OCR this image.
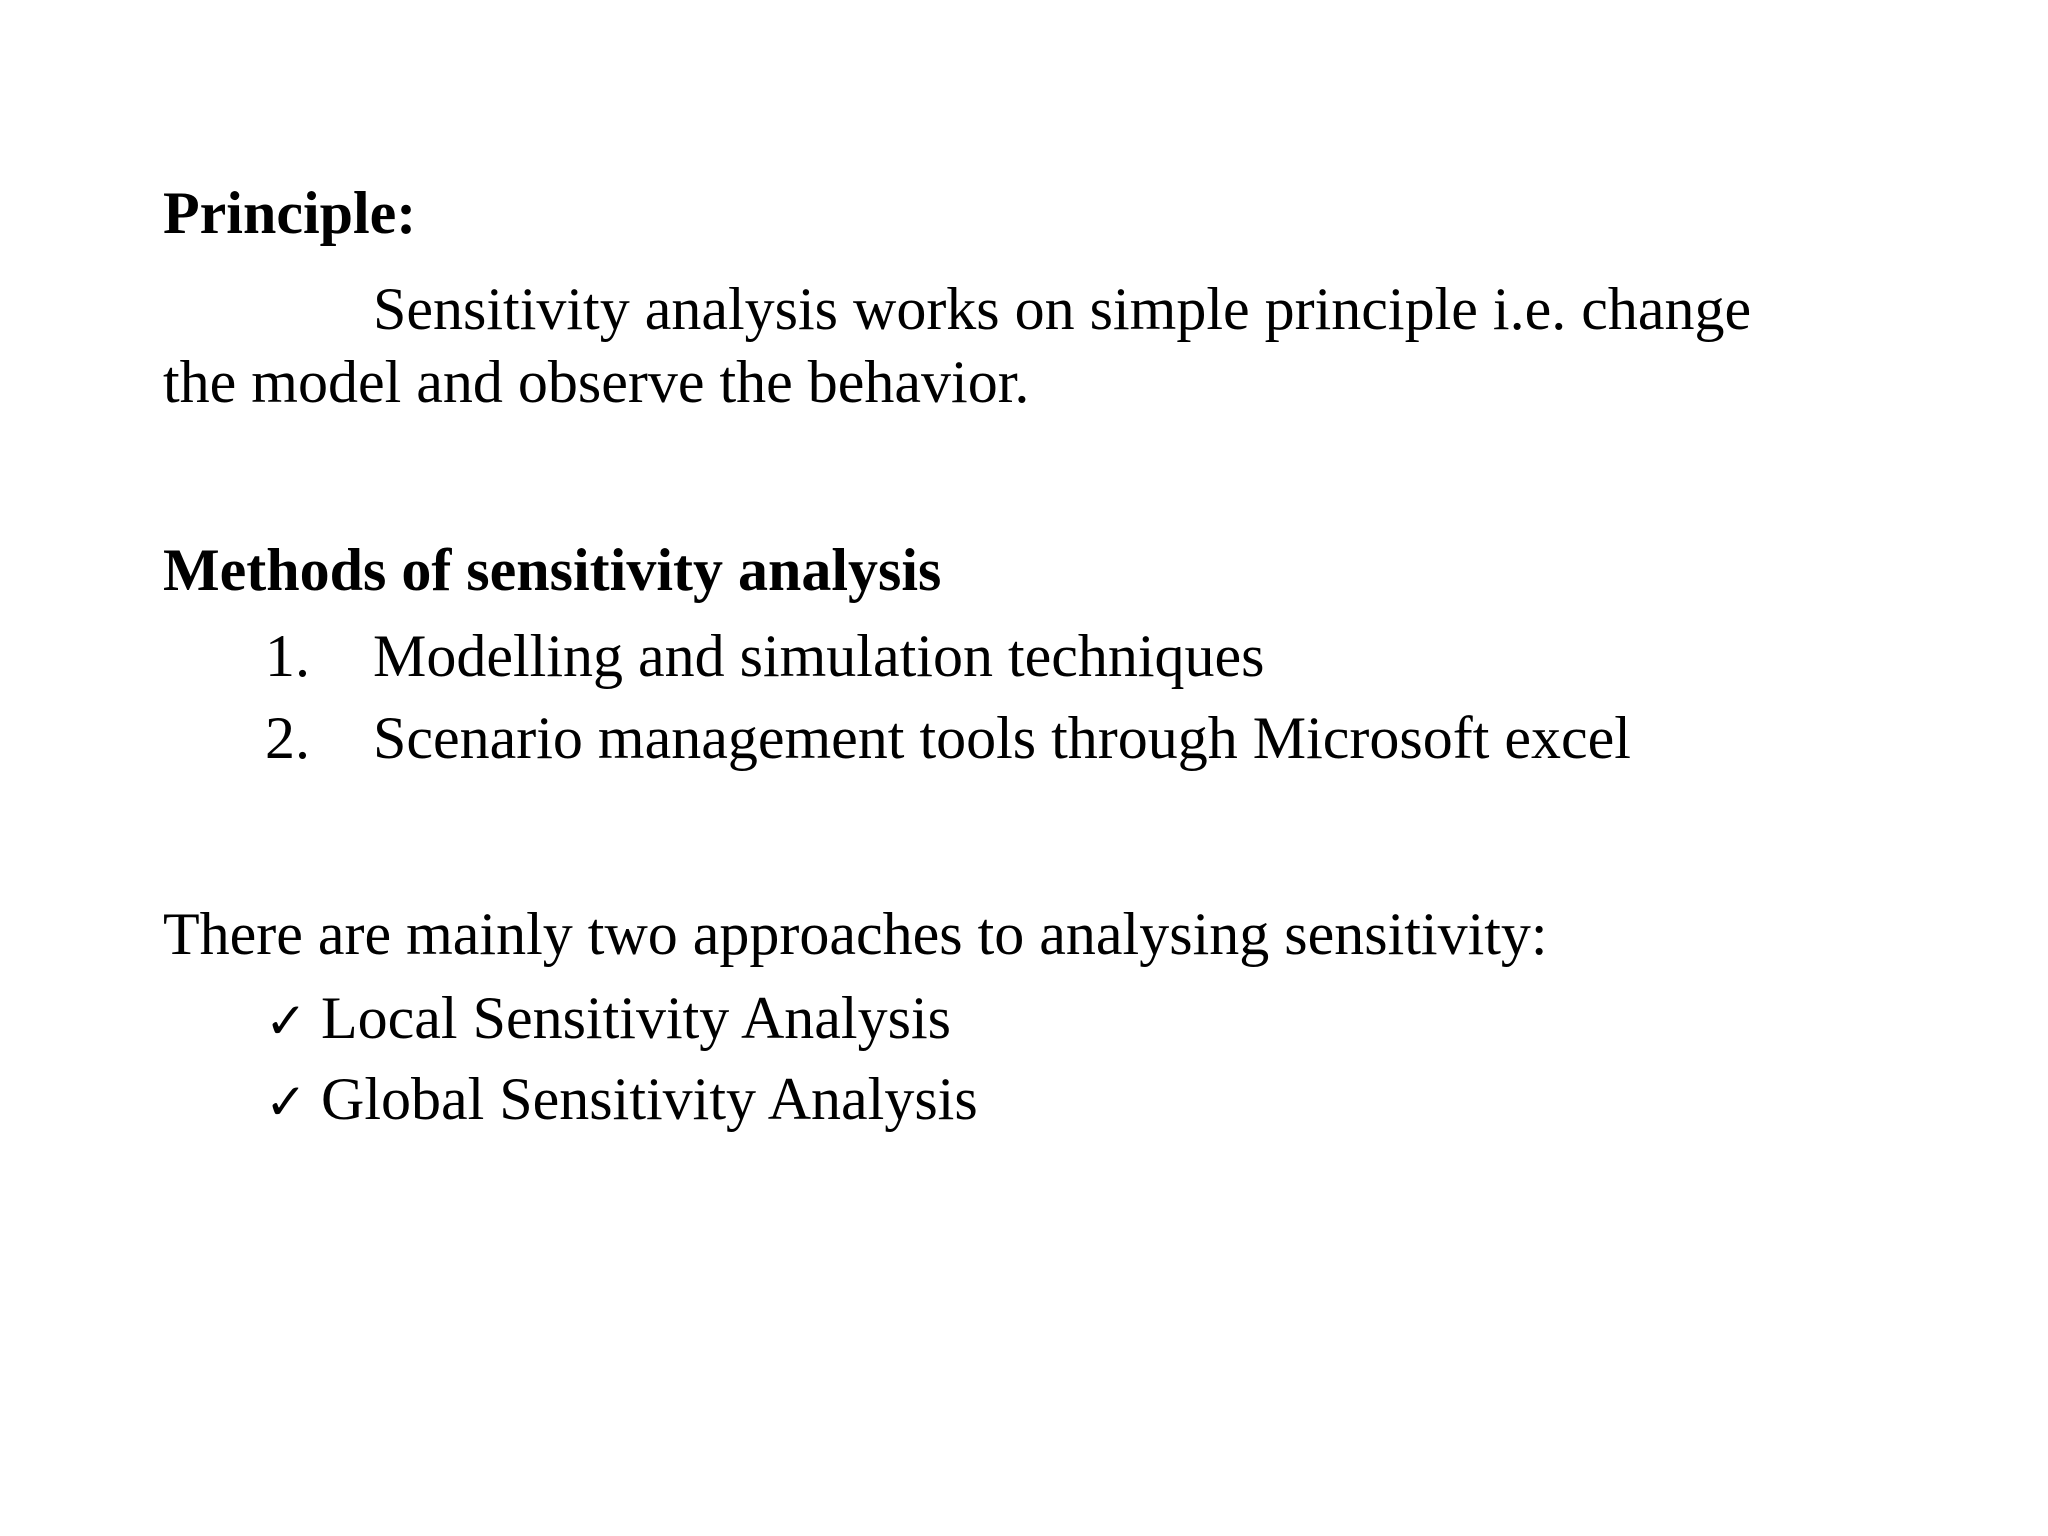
Principle:
Sensitivity analysis works on simple principle i.e. change
the model and observe the behavior.
Methods of sensitivity analysis
1.	Modelling and simulation techniques
2.	Scenario management tools through Microsoft excel
There are mainly two approaches to analysing sensitivity:
✓ Local Sensitivity Analysis
✓ Global Sensitivity Analysis
